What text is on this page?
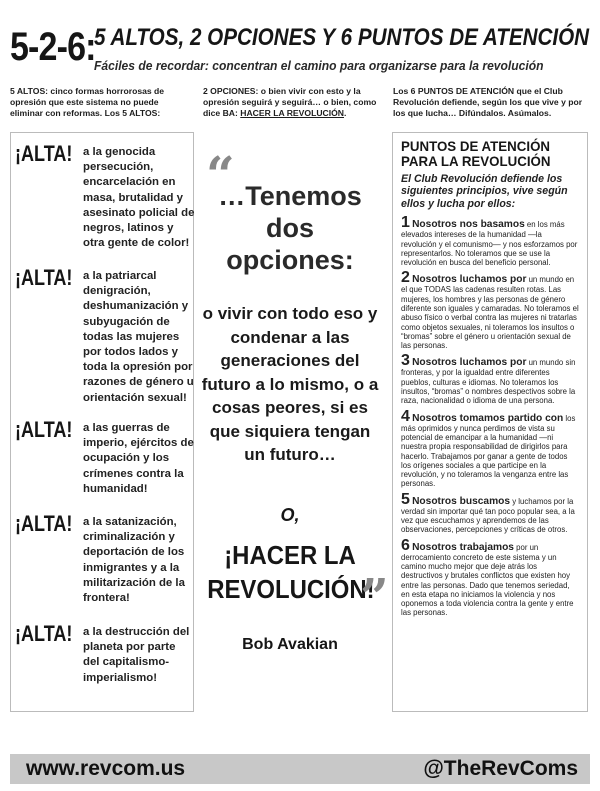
5-2-6:
5 ALTOS, 2 OPCIONES Y 6 PUNTOS DE ATENCIÓN
Fáciles de recordar: concentran el camino para organizarse para la revolución
5 ALTOS: cinco formas horrorosas de opresión que este sistema no puede eliminar con reformas. Los 5 ALTOS:
2 OPCIONES: o bien vivir con esto y la opresión seguirá y seguirá… o bien, como dice BA: HACER LA REVOLUCIÓN.
Los 6 PUNTOS DE ATENCIÓN que el Club Revolución defiende, según los que vive y por los que lucha… Difúndalos. Asúmalos.
¡ALTA! a la genocida persecución, encarcelación en masa, brutalidad y asesinato policial de negros, latinos y otra gente de color!
¡ALTA! a la patriarcal denigración, deshumanización y subyugación de todas las mujeres por todos lados y toda la opresión por razones de género u orientación sexual!
¡ALTA! a las guerras de imperio, ejércitos de ocupación y los crímenes contra la humanidad!
¡ALTA! a la satanización, criminalización y deportación de los inmigrantes y a la militarización de la frontera!
¡ALTA! a la destrucción del planeta por parte del capitalismo-imperialismo!
“
…Tenemos dos opciones:
o vivir con todo eso y condenar a las generaciones del futuro a lo mismo, o a cosas peores, si es que siquiera tengan un futuro…
O,
¡HACER LA REVOLUCIÓN!
”
Bob Avakian
PUNTOS DE ATENCIÓN
PARA LA REVOLUCIÓN
El Club Revolución defiende los siguientes principios, vive según ellos y lucha por ellos:
1 Nosotros nos basamos en los más elevados intereses de la humanidad —la revolución y el comunismo— y nos esforzamos por representarlos. No toleramos que se use la revolución en busca del beneficio personal.
2 Nosotros luchamos por un mundo en el que TODAS las cadenas resulten rotas. Las mujeres, los hombres y las personas de género diferente son iguales y camaradas. No toleramos el abuso físico o verbal contra las mujeres ni tratarlas como objetos sexuales, ni toleramos los insultos o “bromas” sobre el género u orientación sexual de las personas.
3 Nosotros luchamos por un mundo sin fronteras, y por la igualdad entre diferentes pueblos, culturas e idiomas. No toleramos los insultos, “bromas” o nombres despectivos sobre la raza, nacionalidad o idioma de una persona.
4 Nosotros tomamos partido con los más oprimidos y nunca perdimos de vista su potencial de emancipar a la humanidad —ni nuestra propia responsabilidad de dirigirlos para hacerlo. Trabajamos por ganar a gente de todos los orígenes sociales a que participe en la revolución, y no toleramos la venganza entre las personas.
5 Nosotros buscamos y luchamos por la verdad sin importar qué tan poco popular sea, a la vez que escuchamos y aprendemos de las observaciones, percepciones y críticas de otros.
6 Nosotros trabajamos por un derrocamiento concreto de este sistema y un camino mucho mejor que deje atrás los destructivos y brutales conflictos que existen hoy entre las personas. Dado que tenemos seriedad, en esta etapa no iniciamos la violencia y nos oponemos a toda violencia contra la gente y entre las personas.
www.revcom.us	@TheRevComs
